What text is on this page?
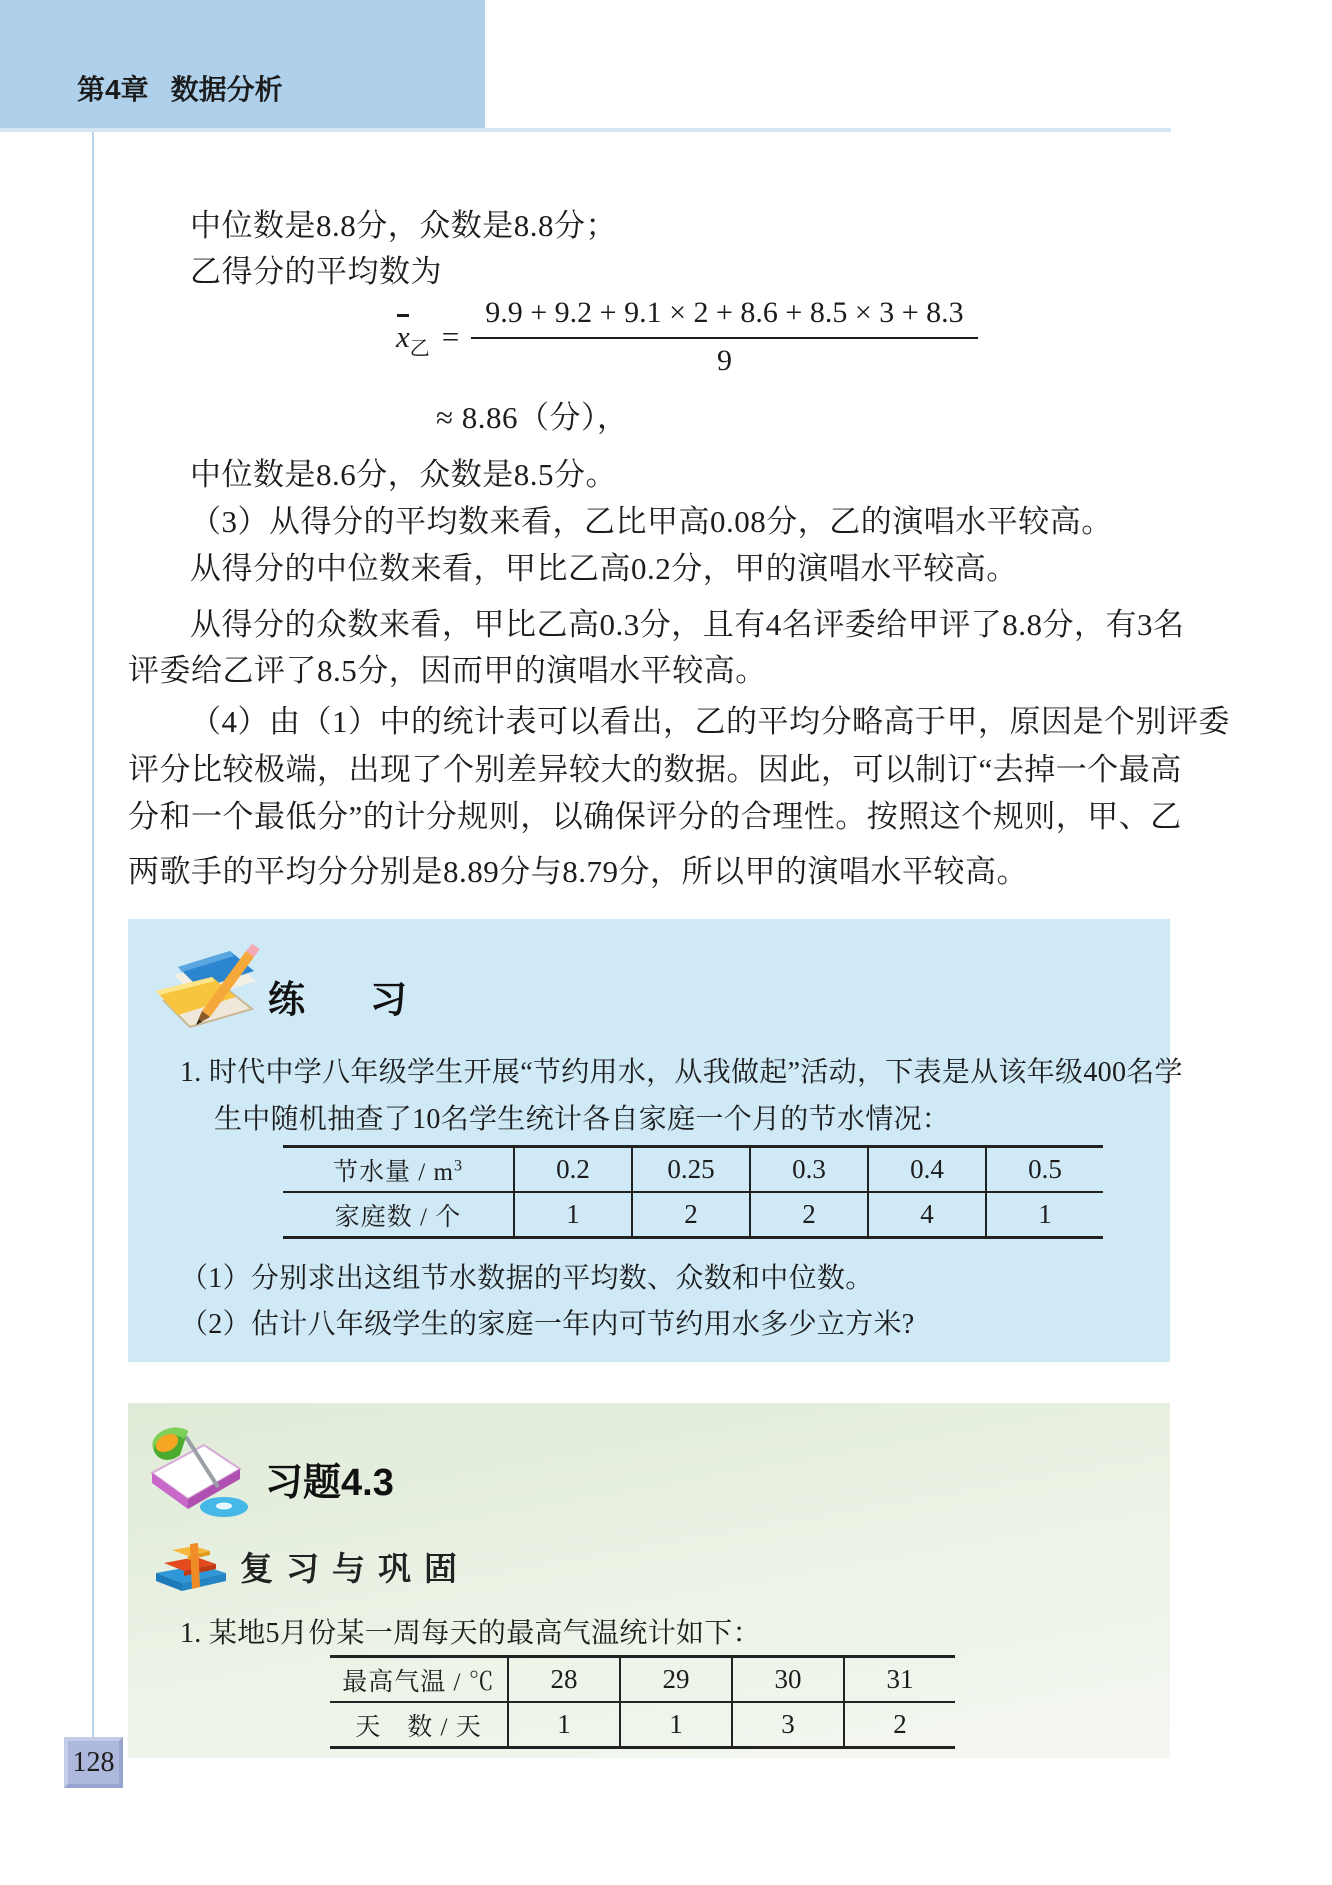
第4章 数据分析
中位数是8.8分，众数是8.8分；
乙得分的平均数为
$x_乙 = \frac{9.9 + 9.2 + 9.1 \times 2 + 8.6 + 8.5 \times 3 + 8.3}{9}$
≈ 8.86（分），
中位数是8.6分，众数是8.5分。
（3）从得分的平均数来看，乙比甲高0.08分，乙的演唱水平较高。
从得分的中位数来看，甲比乙高0.2分，甲的演唱水平较高。
从得分的众数来看，甲比乙高0.3分，且有4名评委给甲评了8.8分，有3名
评委给乙评了8.5分，因而甲的演唱水平较高。
（4）由（1）中的统计表可以看出，乙的平均分略高于甲，原因是个别评委
评分比较极端，出现了个别差异较大的数据。因此，可以制订“去掉一个最高
分和一个最低分”的计分规则，以确保评分的合理性。按照这个规则，甲、乙
两歌手的平均分分别是8.89分与8.79分，所以甲的演唱水平较高。
练　习
1. 时代中学八年级学生开展“节约用水，从我做起”活动，下表是从该年级400名学
生中随机抽查了10名学生统计各自家庭一个月的节水情况：
节水量 / $m^3$	0.2	0.25	0.3	0.4	0.5
家庭数 / 个	1	2	2	4	1
（1）分别求出这组节水数据的平均数、众数和中位数。
（2）估计八年级学生的家庭一年内可节约用水多少立方米?
习题4.3
复习与巩固
1. 某地5月份某一周每天的最高气温统计如下：
最高气温 / ℃	28	29	30	31
天　数 / 天	1	1	3	2
128
